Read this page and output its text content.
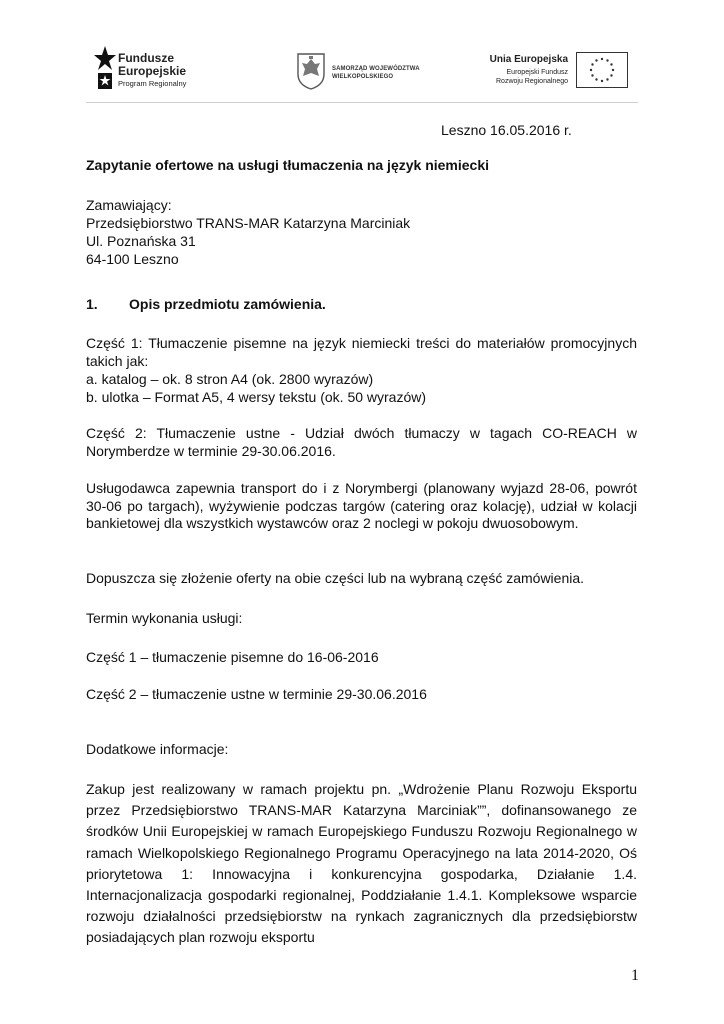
Fundusze
Europejskie
Program Regionalny
SAMORZĄD WOJEWÓDZTWA
WIELKOPOLSKIEGO
Unia Europejska
Europejski Fundusz
Rozwoju Regionalnego
Leszno 16.05.2016 r.

Zapytanie ofertowe na usługi tłumaczenia na język niemiecki

Zamawiający:

Przedsiębiorstwo TRANS-MAR Katarzyna Marciniak

Ul. Poznańska 31

64-100 Leszno

1. Opis przedmiotu zamówienia.

Część 1: Tłumaczenie pisemne na język niemiecki treści do materiałów promocyjnych takich jak:

a. katalog – ok. 8 stron A4 (ok. 2800 wyrazów)

b. ulotka – Format A5, 4 wersy tekstu (ok. 50 wyrazów)

Część 2: Tłumaczenie ustne - Udział dwóch tłumaczy w tagach CO-REACH w Norymberdze w terminie 29-30.06.2016.

Usługodawca zapewnia transport do i z Norymbergi (planowany wyjazd 28-06, powrót 30-06 po targach), wyżywienie podczas targów (catering oraz kolację), udział w kolacji bankietowej dla wszystkich wystawców oraz 2 noclegi w pokoju dwuosobowym.

Dopuszcza się złożenie oferty na obie części lub na wybraną część zamówienia.

Termin wykonania usługi:

Część 1 – tłumaczenie pisemne do 16-06-2016

Część 2 – tłumaczenie ustne w terminie 29-30.06.2016

Dodatkowe informacje:

Zakup jest realizowany w ramach projektu pn. „Wdrożenie Planu Rozwoju Eksportu przez Przedsiębiorstwo TRANS-MAR Katarzyna Marciniak””, dofinansowanego ze środków Unii Europejskiej w ramach Europejskiego Funduszu Rozwoju Regionalnego w ramach Wielkopolskiego Regionalnego Programu Operacyjnego na lata 2014-2020, Oś priorytetowa 1: Innowacyjna i konkurencyjna gospodarka, Działanie 1.4. Internacjonalizacja gospodarki regionalnej, Poddziałanie 1.4.1. Kompleksowe wsparcie rozwoju działalności przedsiębiorstw na rynkach zagranicznych dla przedsiębiorstw posiadających plan rozwoju eksportu

1
